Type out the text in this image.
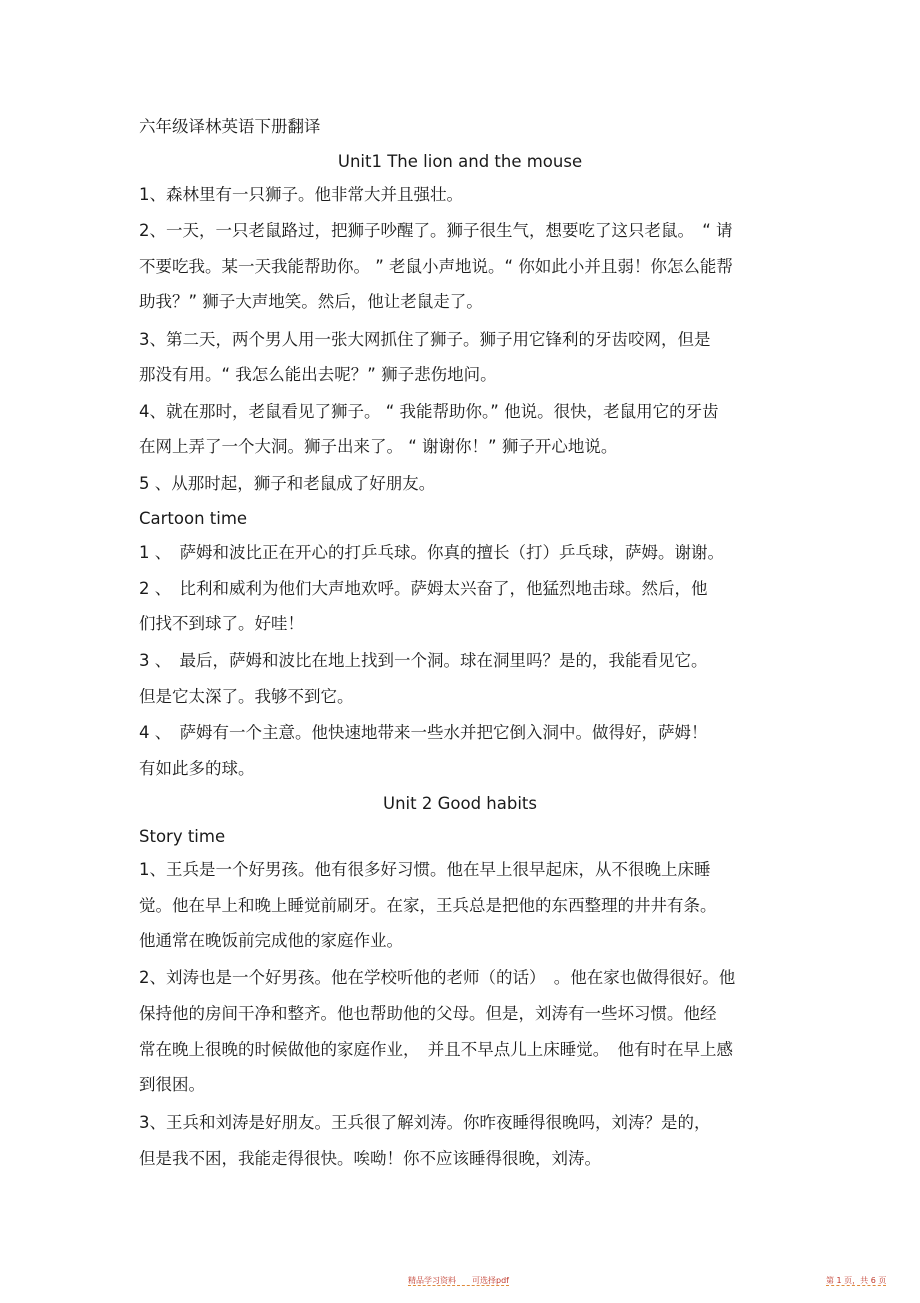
六年级译林英语下册翻译

Unit1 The lion and the mouse

1、森林里有一只狮子。他非常大并且强壮。

2、一天，一只老鼠路过，把狮子吵醒了。狮子很生气，想要吃了这只老鼠。　“ 请

不要吃我。某一天我能帮助你。 ” 老鼠小声地说。“ 你如此小并且弱！你怎么能帮

助我？” 狮子大声地笑。然后，他让老鼠走了。

3、第二天，两个男人用一张大网抓住了狮子。狮子用它锋利的牙齿咬网，但是

那没有用。“ 我怎么能出去呢？” 狮子悲伤地问。

4、就在那时，老鼠看见了狮子。 “ 我能帮助你。” 他说。很快，老鼠用它的牙齿

在网上弄了一个大洞。狮子出来了。 “ 谢谢你！” 狮子开心地说。

5 、从那时起，狮子和老鼠成了好朋友。

Cartoon time

1 、　萨姆和波比正在开心的打乒乓球。你真的擅长（打）乒乓球，萨姆。谢谢。

2 、　比利和威利为他们大声地欢呼。萨姆太兴奋了，他猛烈地击球。然后，他

们找不到球了。好哇！

3 、　最后，萨姆和波比在地上找到一个洞。球在洞里吗？是的，我能看见它。

但是它太深了。我够不到它。

4 、　萨姆有一个主意。他快速地带来一些水并把它倒入洞中。做得好，萨姆！

有如此多的球。

Unit 2 Good habits

Story time

1、王兵是一个好男孩。他有很多好习惯。他在早上很早起床，从不很晚上床睡

觉。他在早上和晚上睡觉前刷牙。在家，王兵总是把他的东西整理的井井有条。

他通常在晚饭前完成他的家庭作业。

2、刘涛也是一个好男孩。他在学校听他的老师（的话）　。他在家也做得很好。他

保持他的房间干净和整齐。他也帮助他的父母。但是，刘涛有一些坏习惯。他经

常在晚上很晚的时候做他的家庭作业，　并且不早点儿上床睡觉。　他有时在早上感

到很困。

3、王兵和刘涛是好朋友。王兵很了解刘涛。你昨夜睡得很晚吗，刘涛？是的，

但是我不困，我能走得很快。唉呦！你不应该睡得很晚，刘涛。

精品学习资料　　可选择pdf	第 1 页，共 6 页
